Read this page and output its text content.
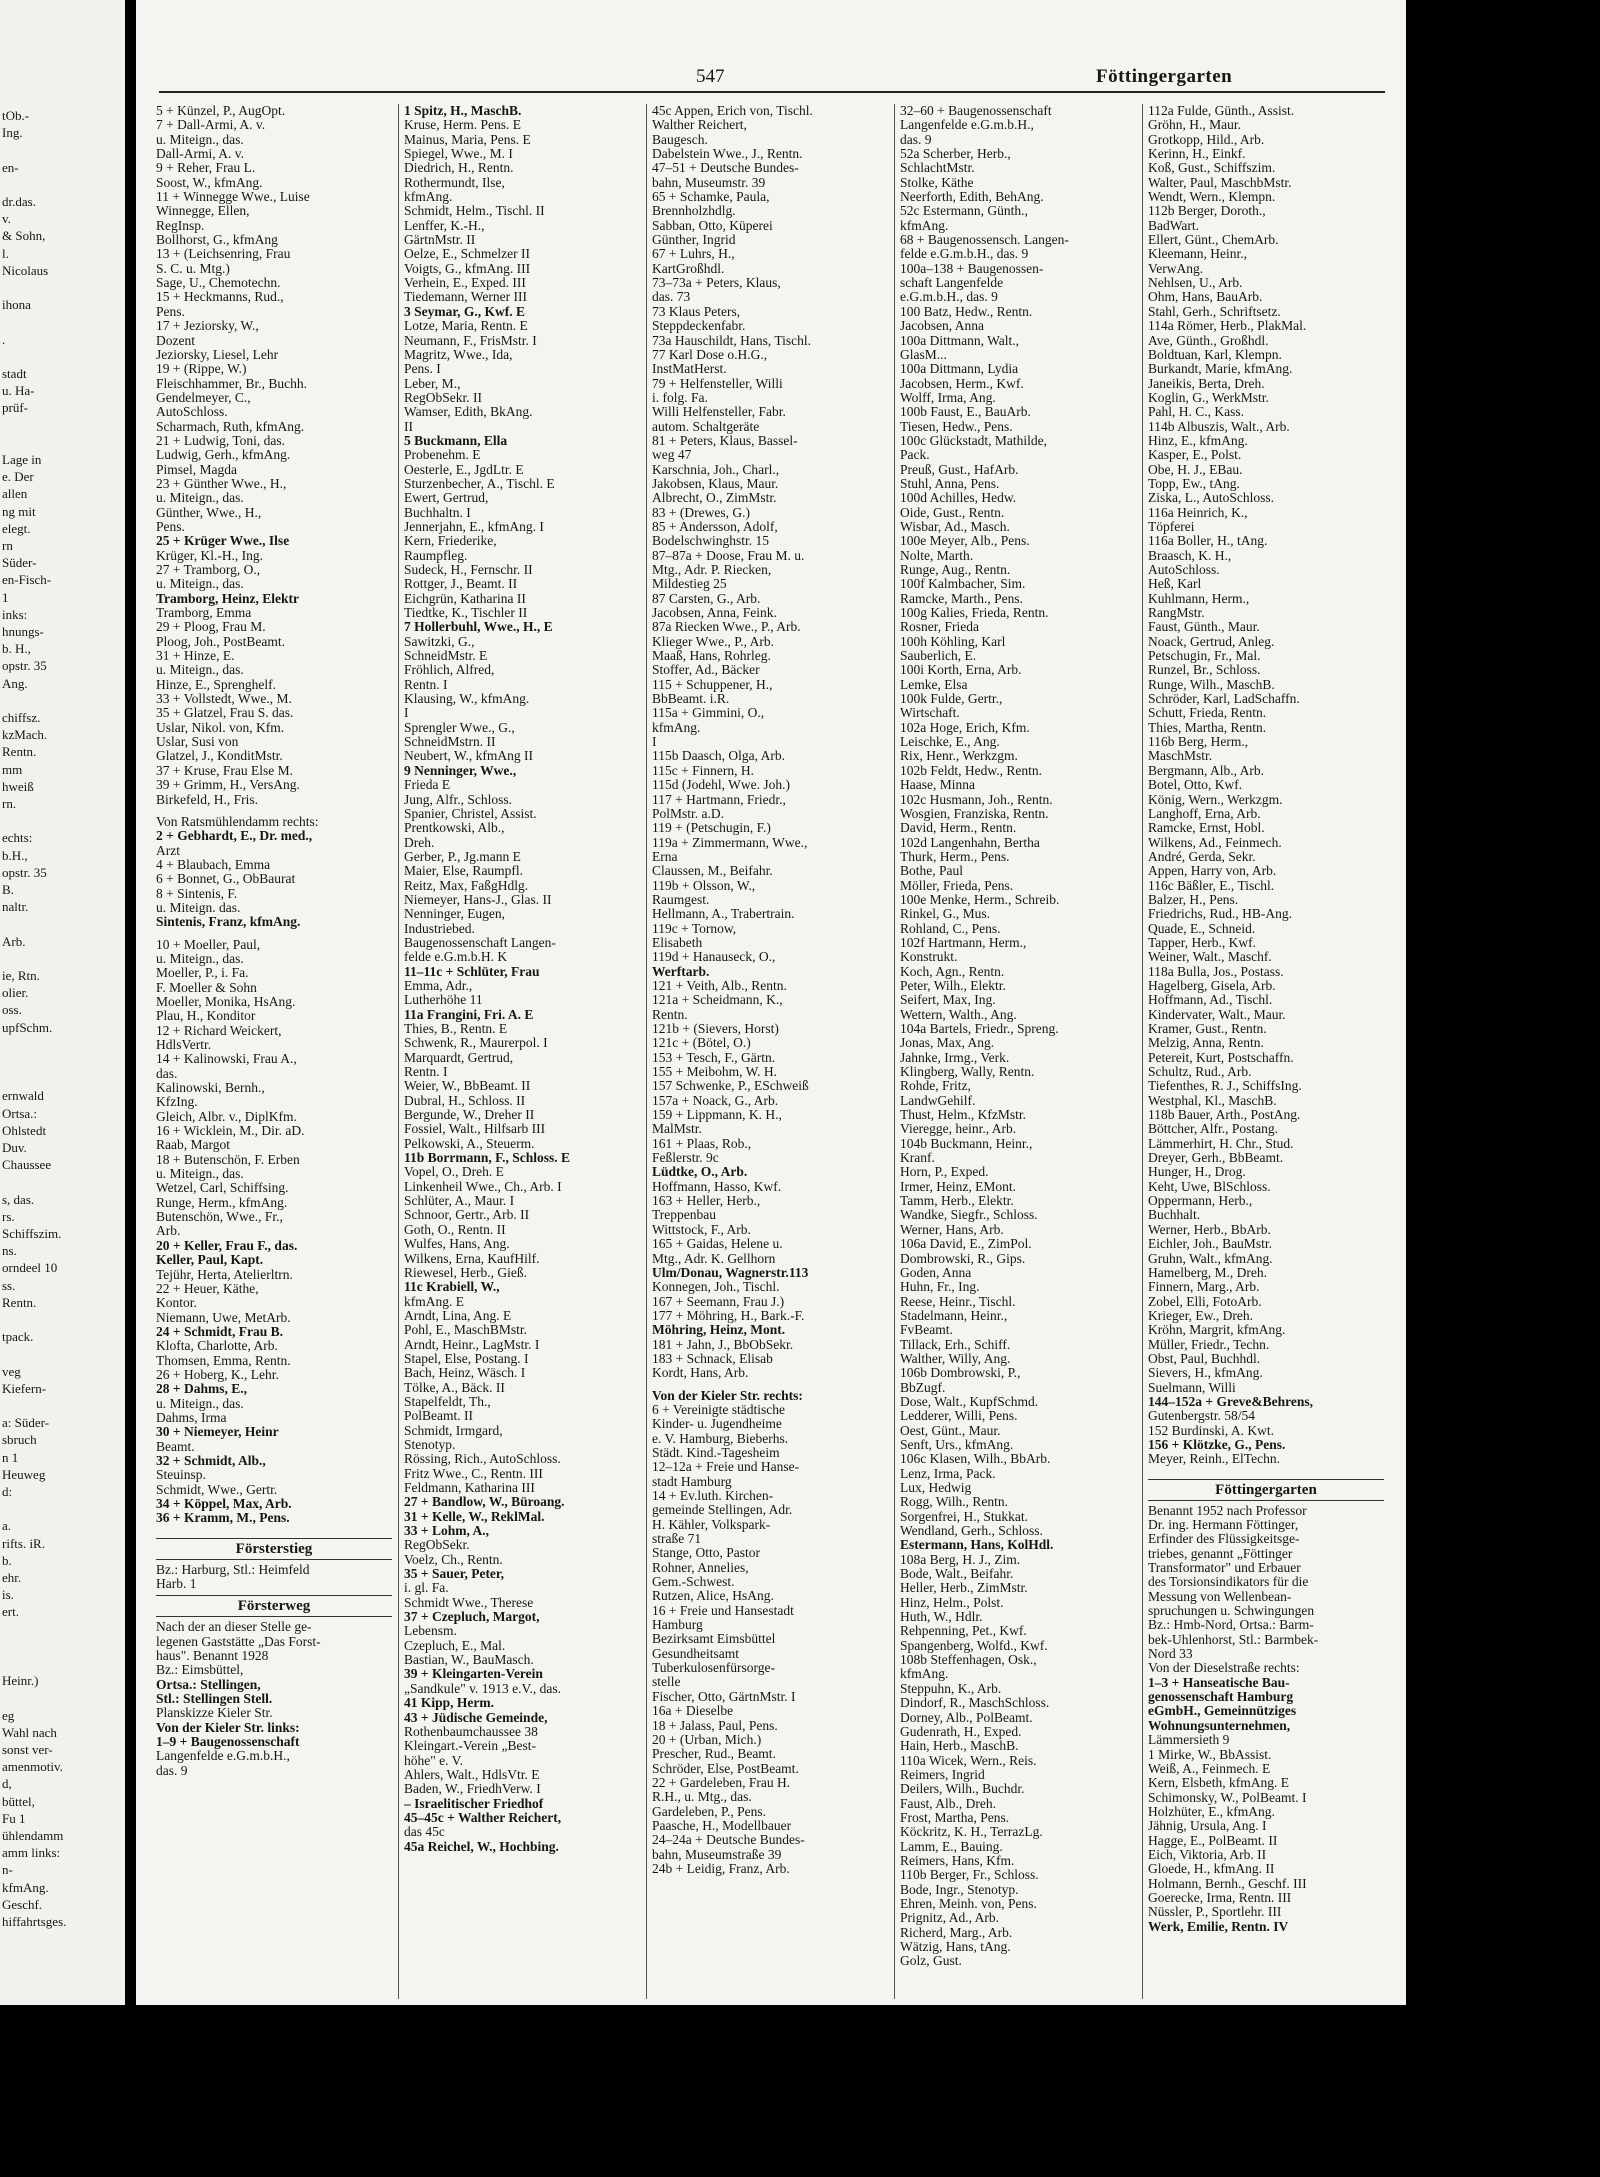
tOb.-
Ing.
en-
dr.das.
v.
& Sohn,
l.
Nicolaus
ihona
.
stadt
u. Ha-
prüf-
Lage in
e. Der
allen
ng mit
elegt.
rn
Süder-
en-Fisch-
1
inks:
hnungs-
b. H.,
opstr. 35
Ang.
chiffsz.
kzMach.
Rentn.
mm
hweiß
rn.
echts:
b.H.,
opstr. 35
B.
naltr.
Arb.
ie, Rtn.
olier.
oss.
upfSchm.
ernwald
Ortsa.:
Ohlstedt
Duv.
Chaussee
s, das.
rs.
Schiffszim.
ns.
orndeel 10
ss.
Rentn.
tpack.
veg
Kiefern-
a: Süder-
sbruch
n 1
Heuweg
d:
a.
rifts. iR.
b.
ehr.
is.
ert.
Heinr.)
eg
Wahl nach
sonst ver-
amenmotiv.
d,
büttel,
Fu 1
ühlendamm
amm links:
n-
kfmAng.
Geschf.
hiffahrtsges.
547	Föttingergarten
5 + Künzel, P., AugOpt.
7 + Dall-Armi, A. v.
u. Miteign., das.
Dall-Armi, A. v.
9 + Reher, Frau L.
Soost, W., kfmAng.
11 + Winnegge Wwe., Luise
Winnegge, Ellen,
RegInsp.
Bollhorst, G., kfmAng
13 + (Leichsenring, Frau
S. C. u. Mtg.)
Sage, U., Chemotechn.
15 + Heckmanns, Rud.,
Pens.
17 + Jeziorsky, W.,
Dozent
Jeziorsky, Liesel, Lehr
19 + (Rippe, W.)
Fleischhammer, Br., Buchh.
Gendelmeyer, C.,
AutoSchloss.
Scharmach, Ruth, kfmAng.
21 + Ludwig, Toni, das.
Ludwig, Gerh., kfmAng.
Pimsel, Magda
23 + Günther Wwe., H.,
u. Miteign., das.
Günther, Wwe., H.,
Pens.
25 + Krüger Wwe., Ilse
Krüger, Kl.-H., Ing.
27 + Tramborg, O.,
u. Miteign., das.
Tramborg, Heinz, Elektr
Tramborg, Emma
29 + Ploog, Frau M.
Ploog, Joh., PostBeamt.
31 + Hinze, E.
u. Miteign., das.
Hinze, E., Sprenghelf.
33 + Vollstedt, Wwe., M.
35 + Glatzel, Frau S. das.
Uslar, Nikol. von, Kfm.
Uslar, Susi von
Glatzel, J., KonditMstr.
37 + Kruse, Frau Else M.
39 + Grimm, H., VersAng.
Birkefeld, H., Fris.
Von Ratsmühlendamm rechts:
2 + Gebhardt, E., Dr. med.,
Arzt
4 + Blaubach, Emma
6 + Bonnet, G., ObBaurat
8 + Sintenis, F.
u. Miteign. das.
Sintenis, Franz, kfmAng.
10 + Moeller, Paul,
u. Miteign., das.
Moeller, P., i. Fa.
F. Moeller & Sohn
Moeller, Monika, HsAng.
Plau, H., Konditor
12 + Richard Weickert,
HdlsVertr.
14 + Kalinowski, Frau A.,
das.
Kalinowski, Bernh.,
KfzIng.
Gleich, Albr. v., DiplKfm.
16 + Wicklein, M., Dir. aD.
Raab, Margot
18 + Butenschön, F. Erben
u. Miteign., das.
Wetzel, Carl, Schiffsing.
Runge, Herm., kfmAng.
Butenschön, Wwe., Fr.,
Arb.
20 + Keller, Frau F., das.
Keller, Paul, Kapt.
Tejühr, Herta, Atelierltrn.
22 + Heuer, Käthe,
Kontor.
Niemann, Uwe, MetArb.
24 + Schmidt, Frau B.
Klofta, Charlotte, Arb.
Thomsen, Emma, Rentn.
26 + Hoberg, K., Lehr.
28 + Dahms, E.,
u. Miteign., das.
Dahms, Irma
30 + Niemeyer, Heinr
Beamt.
32 + Schmidt, Alb.,
Steuinsp.
Schmidt, Wwe., Gertr.
34 + Köppel, Max, Arb.
36 + Kramm, M., Pens.
Försterstieg
Bz.: Harburg, Stl.: Heimfeld
Harb. 1
Försterweg
Nach der an dieser Stelle ge-
legenen Gaststätte „Das Forst-
haus". Benannt 1928
Bz.: Eimsbüttel,
Ortsa.: Stellingen,
Stl.: Stellingen Stell.
Planskizze Kieler Str.
Von der Kieler Str. links:
1–9 + Baugenossenschaft
Langenfelde e.G.m.b.H.,
das. 9
1 Spitz, H., MaschB.
Kruse, Herm. Pens. E
Mainus, Maria, Pens. E
Spiegel, Wwe., M. I
Diedrich, H., Rentn.
Rothermundt, Ilse,
kfmAng.
Schmidt, Helm., Tischl. II
Lenffer, K.-H.,
GärtnMstr. II
Oelze, E., Schmelzer II
Voigts, G., kfmAng. III
Verhein, E., Exped. III
Tiedemann, Werner III
3 Seymar, G., Kwf. E
Lotze, Maria, Rentn. E
Neumann, F., FrisMstr. I
Magritz, Wwe., Ida,
Pens. I
Leber, M.,
RegObSekr. II
Wamser, Edith, BkAng.
II
5 Buckmann, Ella
Probenehm. E
Oesterle, E., JgdLtr. E
Sturzenbecher, A., Tischl. E
Ewert, Gertrud,
Buchhaltn. I
Jennerjahn, E., kfmAng. I
Kern, Friederike,
Raumpfleg.
Sudeck, H., Fernschr. II
Rottger, J., Beamt. II
Eichgrün, Katharina II
Tiedtke, K., Tischler II
7 Hollerbuhl, Wwe., H., E
Sawitzki, G.,
SchneidMstr. E
Fröhlich, Alfred,
Rentn. I
Klausing, W., kfmAng.
I
Sprengler Wwe., G.,
SchneidMstrn. II
Neubert, W., kfmAng II
9 Nenninger, Wwe.,
Frieda E
Jung, Alfr., Schloss.
Spanier, Christel, Assist.
Prentkowski, Alb.,
Dreh.
Gerber, P., Jg.mann E
Maier, Else, Raumpfl.
Reitz, Max, FaßgHdlg.
Niemeyer, Hans-J., Glas. II
Nenninger, Eugen,
Industriebed.
Baugenossenschaft Langen-
felde e.G.m.b.H. K
11–11c + Schlüter, Frau
Emma, Adr.,
Lutherhöhe 11
11a Frangini, Fri. A. E
Thies, B., Rentn. E
Schwenk, R., Maurerpol. I
Marquardt, Gertrud,
Rentn. I
Weier, W., BbBeamt. II
Dubral, H., Schloss. II
Bergunde, W., Dreher II
Fossiel, Walt., Hilfsarb III
Pelkowski, A., Steuerm.
11b Borrmann, F., Schloss. E
Vopel, O., Dreh. E
Linkenheil Wwe., Ch., Arb. I
Schlüter, A., Maur. I
Schnoor, Gertr., Arb. II
Goth, O., Rentn. II
Wulfes, Hans, Ang.
Wilkens, Erna, KaufHilf.
Riewesel, Herb., Gieß.
11c Krabiell, W.,
kfmAng. E
Arndt, Lina, Ang. E
Pohl, E., MaschBMstr.
Arndt, Heinr., LagMstr. I
Stapel, Else, Postang. I
Bach, Heinz, Wäsch. I
Tölke, A., Bäck. II
Stapelfeldt, Th.,
PolBeamt. II
Schmidt, Irmgard,
Stenotyp.
Rössing, Rich., AutoSchloss.
Fritz Wwe., C., Rentn. III
Feldmann, Katharina III
27 + Bandlow, W., Büroang.
31 + Kelle, W., ReklMal.
33 + Lohm, A.,
RegObSekr.
Voelz, Ch., Rentn.
35 + Sauer, Peter,
i. gl. Fa.
Schmidt Wwe., Therese
37 + Czepluch, Margot,
Lebensm.
Czepluch, E., Mal.
Bastian, W., BauMasch.
39 + Kleingarten-Verein
„Sandkule" v. 1913 e.V., das.
41 Kipp, Herm.
43 + Jüdische Gemeinde,
Rothenbaumchaussee 38
Kleingart.-Verein „Best-
höhe" e. V.
Ahlers, Walt., HdlsVtr. E
Baden, W., FriedhVerw. I
– Israelitischer Friedhof
45–45c + Walther Reichert,
das 45c
45a Reichel, W., Hochbing.
45c Appen, Erich von, Tischl.
Walther Reichert,
Baugesch.
Dabelstein Wwe., J., Rentn.
47–51 + Deutsche Bundes-
bahn, Museumstr. 39
65 + Schamke, Paula,
Brennholzhdlg.
Sabban, Otto, Küperei
Günther, Ingrid
67 + Luhrs, H.,
KartGroßhdl.
73–73a + Peters, Klaus,
das. 73
73 Klaus Peters,
Steppdeckenfabr.
73a Hauschildt, Hans, Tischl.
77 Karl Dose o.H.G.,
InstMatHerst.
79 + Helfensteller, Willi
i. folg. Fa.
Willi Helfensteller, Fabr.
autom. Schaltgeräte
81 + Peters, Klaus, Bassel-
weg 47
Karschnia, Joh., Charl.,
Jakobsen, Klaus, Maur.
Albrecht, O., ZimMstr.
83 + (Drewes, G.)
85 + Andersson, Adolf,
Bodelschwinghstr. 15
87–87a + Doose, Frau M. u.
Mtg., Adr. P. Riecken,
Mildestieg 25
87 Carsten, G., Arb.
Jacobsen, Anna, Feink.
87a Riecken Wwe., P., Arb.
Klieger Wwe., P., Arb.
Maaß, Hans, Rohrleg.
Stoffer, Ad., Bäcker
115 + Schuppener, H.,
BbBeamt. i.R.
115a + Gimmini, O.,
kfmAng.
I
115b Daasch, Olga, Arb.
115c + Finnern, H.
115d (Jodehl, Wwe. Joh.)
117 + Hartmann, Friedr.,
PolMstr. a.D.
119 + (Petschugin, F.)
119a + Zimmermann, Wwe.,
Erna
Claussen, M., Beifahr.
119b + Olsson, W.,
Raumgest.
Hellmann, A., Trabertrain.
119c + Tornow,
Elisabeth
119d + Hanauseck, O.,
Werftarb.
121 + Veith, Alb., Rentn.
121a + Scheidmann, K.,
Rentn.
121b + (Sievers, Horst)
121c + (Bötel, O.)
153 + Tesch, F., Gärtn.
155 + Meibohm, W. H.
157 Schwenke, P., ESchweiß
157a + Noack, G., Arb.
159 + Lippmann, K. H.,
MalMstr.
161 + Plaas, Rob.,
Feßlerstr. 9c
Lüdtke, O., Arb.
Hoffmann, Hasso, Kwf.
163 + Heller, Herb.,
Treppenbau
Wittstock, F., Arb.
165 + Gaidas, Helene u.
Mtg., Adr. K. Gellhorn
Ulm/Donau, Wagnerstr.113
Konnegen, Joh., Tischl.
167 + Seemann, Frau J.)
177 + Möhring, H., Bark.-F.
Möhring, Heinz, Mont.
181 + Jahn, J., BbObSekr.
183 + Schnack, Elisab
Kordt, Hans, Arb.
Von der Kieler Str. rechts:
6 + Vereinigte städtische
Kinder- u. Jugendheime
e. V. Hamburg, Bieberhs.
Städt. Kind.-Tagesheim
12–12a + Freie und Hanse-
stadt Hamburg
14 + Ev.luth. Kirchen-
gemeinde Stellingen, Adr.
H. Kähler, Volkspark-
straße 71
Stange, Otto, Pastor
Rohner, Annelies,
Gem.-Schwest.
Rutzen, Alice, HsAng.
16 + Freie und Hansestadt
Hamburg
Bezirksamt Eimsbüttel
Gesundheitsamt
Tuberkulosenfürsorge-
stelle
Fischer, Otto, GärtnMstr. I
16a + Dieselbe
18 + Jalass, Paul, Pens.
20 + (Urban, Mich.)
Prescher, Rud., Beamt.
Schröder, Else, PostBeamt.
22 + Gardeleben, Frau H.
R.H., u. Mtg., das.
Gardeleben, P., Pens.
Paasche, H., Modellbauer
24–24a + Deutsche Bundes-
bahn, Museumstraße 39
24b + Leidig, Franz, Arb.
32–60 + Baugenossenschaft
Langenfelde e.G.m.b.H.,
das. 9
52a Scherber, Herb.,
SchlachtMstr.
Stolke, Käthe
Neerforth, Edith, BehAng.
52c Estermann, Günth.,
kfmAng.
68 + Baugenossensch. Langen-
felde e.G.m.b.H., das. 9
100a–138 + Baugenossen-
schaft Langenfelde
e.G.m.b.H., das. 9
100 Batz, Hedw., Rentn.
Jacobsen, Anna
100a Dittmann, Walt.,
GlasM...
100a Dittmann, Lydia
Jacobsen, Herm., Kwf.
Wolff, Irma, Ang.
100b Faust, E., BauArb.
Tiesen, Hedw., Pens.
100c Glückstadt, Mathilde,
Pack.
Preuß, Gust., HafArb.
Stuhl, Anna, Pens.
100d Achilles, Hedw.
Oide, Gust., Rentn.
Wisbar, Ad., Masch.
100e Meyer, Alb., Pens.
Nolte, Marth.
Runge, Aug., Rentn.
100f Kalmbacher, Sim.
Ramcke, Marth., Pens.
100g Kalies, Frieda, Rentn.
Rosner, Frieda
100h Köhling, Karl
Sauberlich, E.
100i Korth, Erna, Arb.
Lemke, Elsa
100k Fulde, Gertr.,
Wirtschaft.
102a Hoge, Erich, Kfm.
Leischke, E., Ang.
Rix, Henr., Werkzgm.
102b Feldt, Hedw., Rentn.
Haase, Minna
102c Husmann, Joh., Rentn.
Wosgien, Franziska, Rentn.
David, Herm., Rentn.
102d Langenhahn, Bertha
Thurk, Herm., Pens.
Bothe, Paul
Möller, Frieda, Pens.
100e Menke, Herm., Schreib.
Rinkel, G., Mus.
Rohland, C., Pens.
102f Hartmann, Herm.,
Konstrukt.
Koch, Agn., Rentn.
Peter, Wilh., Elektr.
Seifert, Max, Ing.
Wettern, Walth., Ang.
104a Bartels, Friedr., Spreng.
Jonas, Max, Ang.
Jahnke, Irmg., Verk.
Klingberg, Wally, Rentn.
Rohde, Fritz,
LandwGehilf.
Thust, Helm., KfzMstr.
Vieregge, heinr., Arb.
104b Buckmann, Heinr.,
Kranf.
Horn, P., Exped.
Irmer, Heinz, EMont.
Tamm, Herb., Elektr.
Wandke, Siegfr., Schloss.
Werner, Hans, Arb.
106a David, E., ZimPol.
Dombrowski, R., Gips.
Goden, Anna
Huhn, Fr., Ing.
Reese, Heinr., Tischl.
Stadelmann, Heinr.,
FvBeamt.
Tillack, Erh., Schiff.
Walther, Willy, Ang.
106b Dombrowski, P.,
BbZugf.
Dose, Walt., KupfSchmd.
Ledderer, Willi, Pens.
Oest, Günt., Maur.
Senft, Urs., kfmAng.
106c Klasen, Wilh., BbArb.
Lenz, Irma, Pack.
Lux, Hedwig
Rogg, Wilh., Rentn.
Sorgenfrei, H., Stukkat.
Wendland, Gerh., Schloss.
Estermann, Hans, KolHdl.
108a Berg, H. J., Zim.
Bode, Walt., Beifahr.
Heller, Herb., ZimMstr.
Hinz, Helm., Polst.
Huth, W., Hdlr.
Rehpenning, Pet., Kwf.
Spangenberg, Wolfd., Kwf.
108b Steffenhagen, Osk.,
kfmAng.
Steppuhn, K., Arb.
Dindorf, R., MaschSchloss.
Dorney, Alb., PolBeamt.
Gudenrath, H., Exped.
Hain, Herb., MaschB.
110a Wicek, Wern., Reis.
Reimers, Ingrid
Deilers, Wilh., Buchdr.
Faust, Alb., Dreh.
Frost, Martha, Pens.
Köckritz, K. H., TerrazLg.
Lamm, E., Bauing.
Reimers, Hans, Kfm.
110b Berger, Fr., Schloss.
Bode, Ingr., Stenotyp.
Ehren, Meinh. von, Pens.
Prignitz, Ad., Arb.
Richerd, Marg., Arb.
Wätzig, Hans, tAng.
Golz, Gust.
112a Fulde, Günth., Assist.
Gröhn, H., Maur.
Grotkopp, Hild., Arb.
Kerinn, H., Einkf.
Koß, Gust., Schiffszim.
Walter, Paul, MaschbMstr.
Wendt, Wern., Klempn.
112b Berger, Doroth.,
BadWart.
Ellert, Günt., ChemArb.
Kleemann, Heinr.,
VerwAng.
Nehlsen, U., Arb.
Ohm, Hans, BauArb.
Stahl, Gerh., Schriftsetz.
114a Römer, Herb., PlakMal.
Ave, Günth., Großhdl.
Boldtuan, Karl, Klempn.
Burkandt, Marie, kfmAng.
Janeikis, Berta, Dreh.
Koglin, G., WerkMstr.
Pahl, H. C., Kass.
114b Albuszis, Walt., Arb.
Hinz, E., kfmAng.
Kasper, E., Polst.
Obe, H. J., EBau.
Topp, Ew., tAng.
Ziska, L., AutoSchloss.
116a Heinrich, K.,
Töpferei
116a Boller, H., tAng.
Braasch, K. H.,
AutoSchloss.
Heß, Karl
Kuhlmann, Herm.,
RangMstr.
Faust, Günth., Maur.
Noack, Gertrud, Anleg.
Petschugin, Fr., Mal.
Runzel, Br., Schloss.
Runge, Wilh., MaschB.
Schröder, Karl, LadSchaffn.
Schutt, Frieda, Rentn.
Thies, Martha, Rentn.
116b Berg, Herm.,
MaschMstr.
Bergmann, Alb., Arb.
Botel, Otto, Kwf.
König, Wern., Werkzgm.
Langhoff, Erna, Arb.
Ramcke, Ernst, Hobl.
Wilkens, Ad., Feinmech.
André, Gerda, Sekr.
Appen, Harry von, Arb.
116c Bäßler, E., Tischl.
Balzer, H., Pens.
Friedrichs, Rud., HB-Ang.
Quade, E., Schneid.
Tapper, Herb., Kwf.
Weiner, Walt., Maschf.
118a Bulla, Jos., Postass.
Hagelberg, Gisela, Arb.
Hoffmann, Ad., Tischl.
Kindervater, Walt., Maur.
Kramer, Gust., Rentn.
Melzig, Anna, Rentn.
Petereit, Kurt, Postschaffn.
Schultz, Rud., Arb.
Tiefenthes, R. J., SchiffsIng.
Westphal, Kl., MaschB.
118b Bauer, Arth., PostAng.
Böttcher, Alfr., Postang.
Lämmerhirt, H. Chr., Stud.
Dreyer, Gerh., BbBeamt.
Hunger, H., Drog.
Keht, Uwe, BlSchloss.
Oppermann, Herb.,
Buchhalt.
Werner, Herb., BbArb.
Eichler, Joh., BauMstr.
Gruhn, Walt., kfmAng.
Hamelberg, M., Dreh.
Finnern, Marg., Arb.
Zobel, Elli, FotoArb.
Krieger, Ew., Dreh.
Kröhn, Margrit, kfmAng.
Müller, Friedr., Techn.
Obst, Paul, Buchhdl.
Sievers, H., kfmAng.
Suelmann, Willi
144–152a + Greve&Behrens,
Gutenbergstr. 58/54
152 Burdinski, A. Kwt.
156 + Klötzke, G., Pens.
Meyer, Reinh., ElTechn.
Föttingergarten
Benannt 1952 nach Professor
Dr. ing. Hermann Föttinger,
Erfinder des Flüssigkeitsge-
triebes, genannt „Föttinger
Transformator" und Erbauer
des Torsionsindikators für die
Messung von Wellenbean-
spruchungen u. Schwingungen
Bz.: Hmb-Nord, Ortsa.: Barm-
bek-Uhlenhorst, Stl.: Barmbek-
Nord 33
Von der Dieselstraße rechts:
1–3 + Hanseatische Bau-
genossenschaft Hamburg
eGmbH., Gemeinnütziges
Wohnungsunternehmen,
Lämmersieth 9
1 Mirke, W., BbAssist.
Weiß, A., Feinmech. E
Kern, Elsbeth, kfmAng. E
Schimonsky, W., PolBeamt. I
Holzhüter, E., kfmAng.
Jähnig, Ursula, Ang. I
Hagge, E., PolBeamt. II
Eich, Viktoria, Arb. II
Gloede, H., kfmAng. II
Holmann, Bernh., Geschf. III
Goerecke, Irma, Rentn. III
Nüssler, P., Sportlehr. III
Werk, Emilie, Rentn. IV
